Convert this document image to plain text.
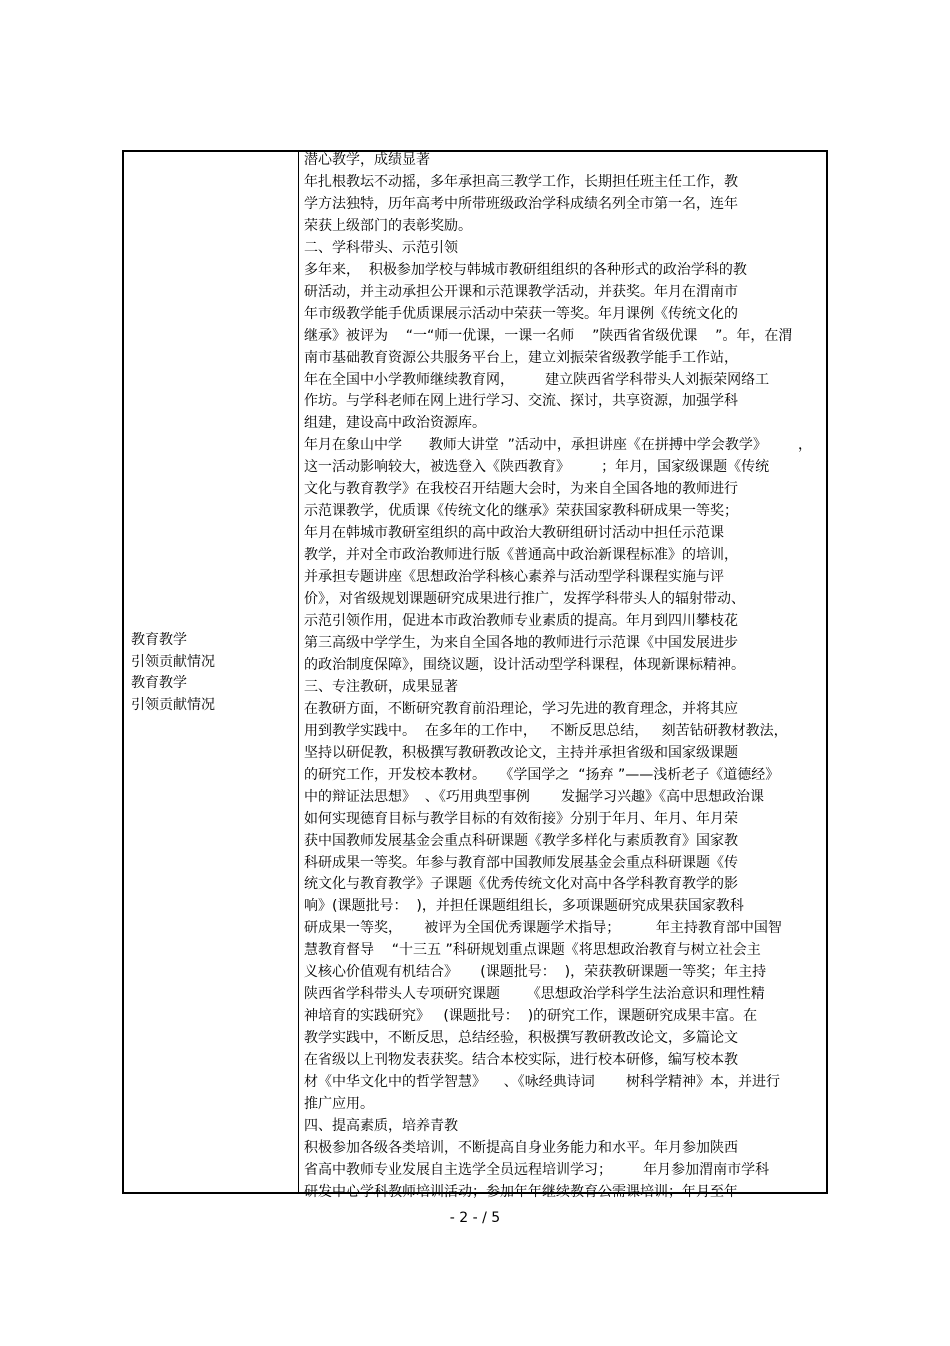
教育教学
引领贡献情况
教育教学
引领贡献情况
潜心教学，成绩显著
年扎根教坛不动摇，多年承担高三教学工作，长期担任班主任工作，教
学方法独特，历年高考中所带班级政治学科成绩名列全市第一名，连年
荣获上级部门的表彰奖励。
二、学科带头、示范引领
多年来，  积极参加学校与韩城市教研组组织的各种形式的政治学科的教
研活动，并主动承担公开课和示范课教学活动，并获奖。年月在渭南市
年市级教学能手优质课展示活动中荣获一等奖。年月课例《传统文化的
继承》被评为    “一“师一优课，一课一名师    ”陕西省省级优课    ”。年，在渭
南市基础教育资源公共服务平台上，建立刘振荣省级教学能手工作站，
年在全国中小学教师继续教育网，       建立陕西省学科带头人刘振荣网络工
作坊。与学科老师在网上进行学习、交流、探讨，共享资源，加强学科
组建，建设高中政治资源库。
年月在象山中学      教师大讲堂  ”活动中，承担讲座《在拼搏中学会教学》       ，
这一活动影响较大，被选登入《陕西教育》       ；年月，国家级课题《传统
文化与教育教学》在我校召开结题大会时，为来自全国各地的教师进行
示范课教学，优质课《传统文化的继承》荣获国家教科研成果一等奖；
年月在韩城市教研室组织的高中政治大教研组研讨活动中担任示范课
教学，并对全市政治教师进行版《普通高中政治新课程标准》的培训，
并承担专题讲座《思想政治学科核心素养与活动型学科课程实施与评
价》，对省级规划课题研究成果进行推广，发挥学科带头人的辐射带动、
示范引领作用，促进本市政治教师专业素质的提高。年月到四川攀枝花
第三高级中学学生，为来自全国各地的教师进行示范课《中国发展进步
的政治制度保障》，围绕议题，设计活动型学科课程，体现新课标精神。
三、专注教研，成果显著
在教研方面，不断研究教育前沿理论，学习先进的教育理念，并将其应
用到教学实践中。  在多年的工作中，   不断反思总结，   刻苦钻研教材教法，
坚持以研促教，积极撰写教研教改论文，主持并承担省级和国家级课题
的研究工作，开发校本教材。   《学国学之  “扬弃 ”——浅析老子《道德经》
中的辩证法思想》  、《巧用典型事例       发掘学习兴趣》《高中思想政治课
如何实现德育目标与教学目标的有效衔接》分别于年月、年月、年月荣
获中国教师发展基金会重点科研课题《教学多样化与素质教育》国家教
科研成果一等奖。年参与教育部中国教师发展基金会重点科研课题《传
统文化与教育教学》子课题《优秀传统文化对高中各学科教育教学的影
响》(课题批号：  )，并担任课题组组长，多项课题研究成果获国家教科
研成果一等奖，     被评为全国优秀课题学术指导；        年主持教育部中国智
慧教育督导    “十三五 ”科研规划重点课题《将思想政治教育与树立社会主
义核心价值观有机结合》     (课题批号：  )，荣获教研课题一等奖；年主持
陕西省学科带头人专项研究课题      《思想政治学科学生法治意识和理性精
神培育的实践研究》   (课题批号：  )的研究工作，课题研究成果丰富。在
教学实践中，不断反思，总结经验，积极撰写教研教改论文，多篇论文
在省级以上刊物发表获奖。结合本校实际，进行校本研修，编写校本教
材《中华文化中的哲学智慧》    、《咏经典诗词       树科学精神》本，并进行
推广应用。
四、提高素质，培养青教
积极参加各级各类培训，不断提高自身业务能力和水平。年月参加陕西
省高中教师专业发展自主选学全员远程培训学习；       年月参加渭南市学科
研发中心学科教师培训活动；参加年年继续教育公需课培训；年月至年
- 2 - / 5
